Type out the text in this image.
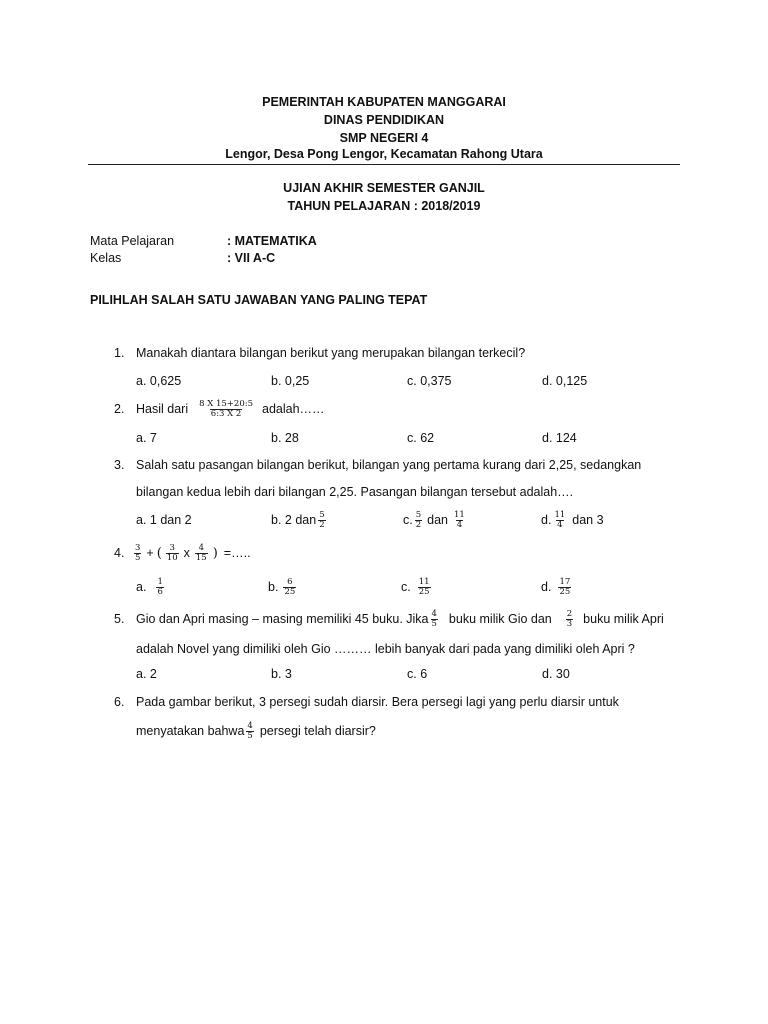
PEMERINTAH KABUPATEN MANGGARAI
DINAS PENDIDIKAN
SMP NEGERI 4
Lengor, Desa Pong Lengor, Kecamatan Rahong Utara
UJIAN AKHIR SEMESTER GANJIL
TAHUN PELAJARAN : 2018/2019
Mata Pelajaran	: MATEMATIKA
Kelas	: VII A-C
PILIHLAH SALAH SATU JAWABAN YANG PALING TEPAT
1. Manakah diantara bilangan berikut yang merupakan bilangan terkecil?
a. 0,625	b. 0,25	c. 0,375	d. 0,125
2. Hasil dari $\frac{8 X 15+20:5}{6:3 X 2}$ adalah……
a. 7	b. 28	c. 62	d. 124
3. Salah satu pasangan bilangan berikut, bilangan yang pertama kurang dari 2,25, sedangkan
bilangan kedua lebih dari bilangan 2,25. Pasangan bilangan tersebut adalah….
a. 1 dan 2	b. 2 dan $\frac{5}{2}$	c. $\frac{5}{2}$ dan $\frac{11}{4}$	d. $\frac{11}{4}$ dan 3
4. $\frac{3}{5}$ + ( $\frac{3}{10}$ x $\frac{4}{15}$ ) =…..
a. $\frac{1}{6}$	b. $\frac{6}{25}$	c. $\frac{11}{25}$	d. $\frac{17}{25}$
5. Gio dan Apri masing – masing memiliki 45 buku. Jika $\frac{4}{5}$ buku milik Gio dan $\frac{2}{3}$ buku milik Apri
adalah Novel yang dimiliki oleh Gio ……… lebih banyak dari pada yang dimiliki oleh Apri ?
a. 2	b. 3	c. 6	d. 30
6. Pada gambar berikut, 3 persegi sudah diarsir. Bera persegi lagi yang perlu diarsir untuk
menyatakan bahwa $\frac{4}{5}$ persegi telah diarsir?
